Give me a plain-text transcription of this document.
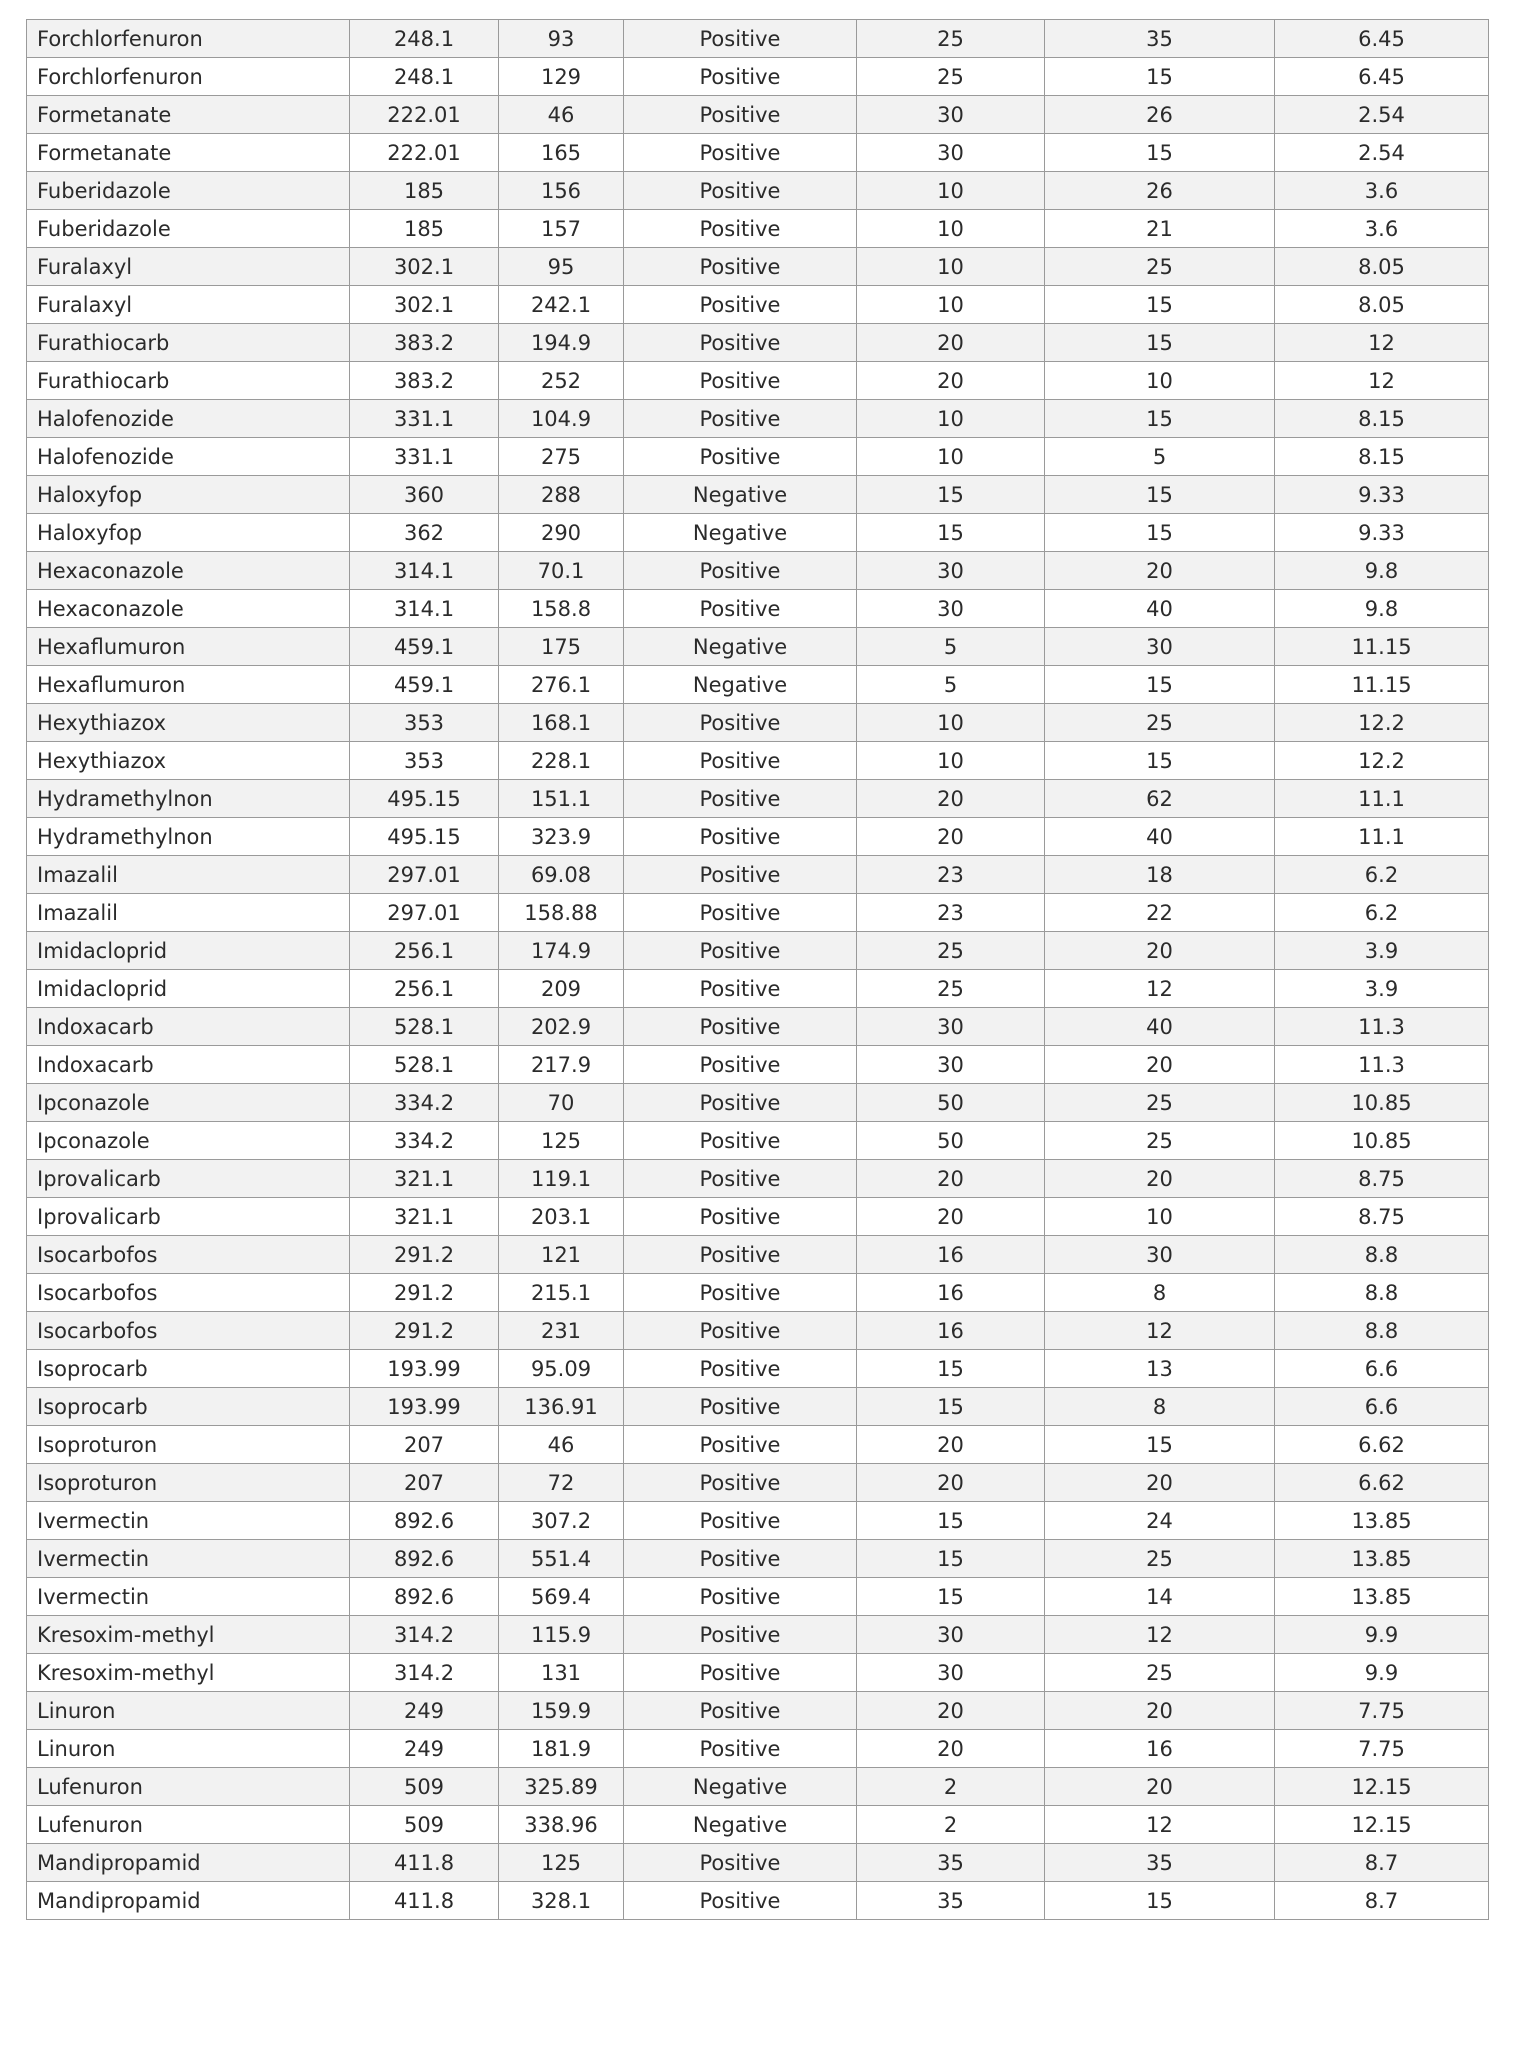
Forchlorfenuron	248.1	93	Positive	25	35	6.45
Forchlorfenuron	248.1	129	Positive	25	15	6.45
Formetanate	222.01	46	Positive	30	26	2.54
Formetanate	222.01	165	Positive	30	15	2.54
Fuberidazole	185	156	Positive	10	26	3.6
Fuberidazole	185	157	Positive	10	21	3.6
Furalaxyl	302.1	95	Positive	10	25	8.05
Furalaxyl	302.1	242.1	Positive	10	15	8.05
Furathiocarb	383.2	194.9	Positive	20	15	12
Furathiocarb	383.2	252	Positive	20	10	12
Halofenozide	331.1	104.9	Positive	10	15	8.15
Halofenozide	331.1	275	Positive	10	5	8.15
Haloxyfop	360	288	Negative	15	15	9.33
Haloxyfop	362	290	Negative	15	15	9.33
Hexaconazole	314.1	70.1	Positive	30	20	9.8
Hexaconazole	314.1	158.8	Positive	30	40	9.8
Hexaflumuron	459.1	175	Negative	5	30	11.15
Hexaflumuron	459.1	276.1	Negative	5	15	11.15
Hexythiazox	353	168.1	Positive	10	25	12.2
Hexythiazox	353	228.1	Positive	10	15	12.2
Hydramethylnon	495.15	151.1	Positive	20	62	11.1
Hydramethylnon	495.15	323.9	Positive	20	40	11.1
Imazalil	297.01	69.08	Positive	23	18	6.2
Imazalil	297.01	158.88	Positive	23	22	6.2
Imidacloprid	256.1	174.9	Positive	25	20	3.9
Imidacloprid	256.1	209	Positive	25	12	3.9
Indoxacarb	528.1	202.9	Positive	30	40	11.3
Indoxacarb	528.1	217.9	Positive	30	20	11.3
Ipconazole	334.2	70	Positive	50	25	10.85
Ipconazole	334.2	125	Positive	50	25	10.85
Iprovalicarb	321.1	119.1	Positive	20	20	8.75
Iprovalicarb	321.1	203.1	Positive	20	10	8.75
Isocarbofos	291.2	121	Positive	16	30	8.8
Isocarbofos	291.2	215.1	Positive	16	8	8.8
Isocarbofos	291.2	231	Positive	16	12	8.8
Isoprocarb	193.99	95.09	Positive	15	13	6.6
Isoprocarb	193.99	136.91	Positive	15	8	6.6
Isoproturon	207	46	Positive	20	15	6.62
Isoproturon	207	72	Positive	20	20	6.62
Ivermectin	892.6	307.2	Positive	15	24	13.85
Ivermectin	892.6	551.4	Positive	15	25	13.85
Ivermectin	892.6	569.4	Positive	15	14	13.85
Kresoxim-methyl	314.2	115.9	Positive	30	12	9.9
Kresoxim-methyl	314.2	131	Positive	30	25	9.9
Linuron	249	159.9	Positive	20	20	7.75
Linuron	249	181.9	Positive	20	16	7.75
Lufenuron	509	325.89	Negative	2	20	12.15
Lufenuron	509	338.96	Negative	2	12	12.15
Mandipropamid	411.8	125	Positive	35	35	8.7
Mandipropamid	411.8	328.1	Positive	35	15	8.7
